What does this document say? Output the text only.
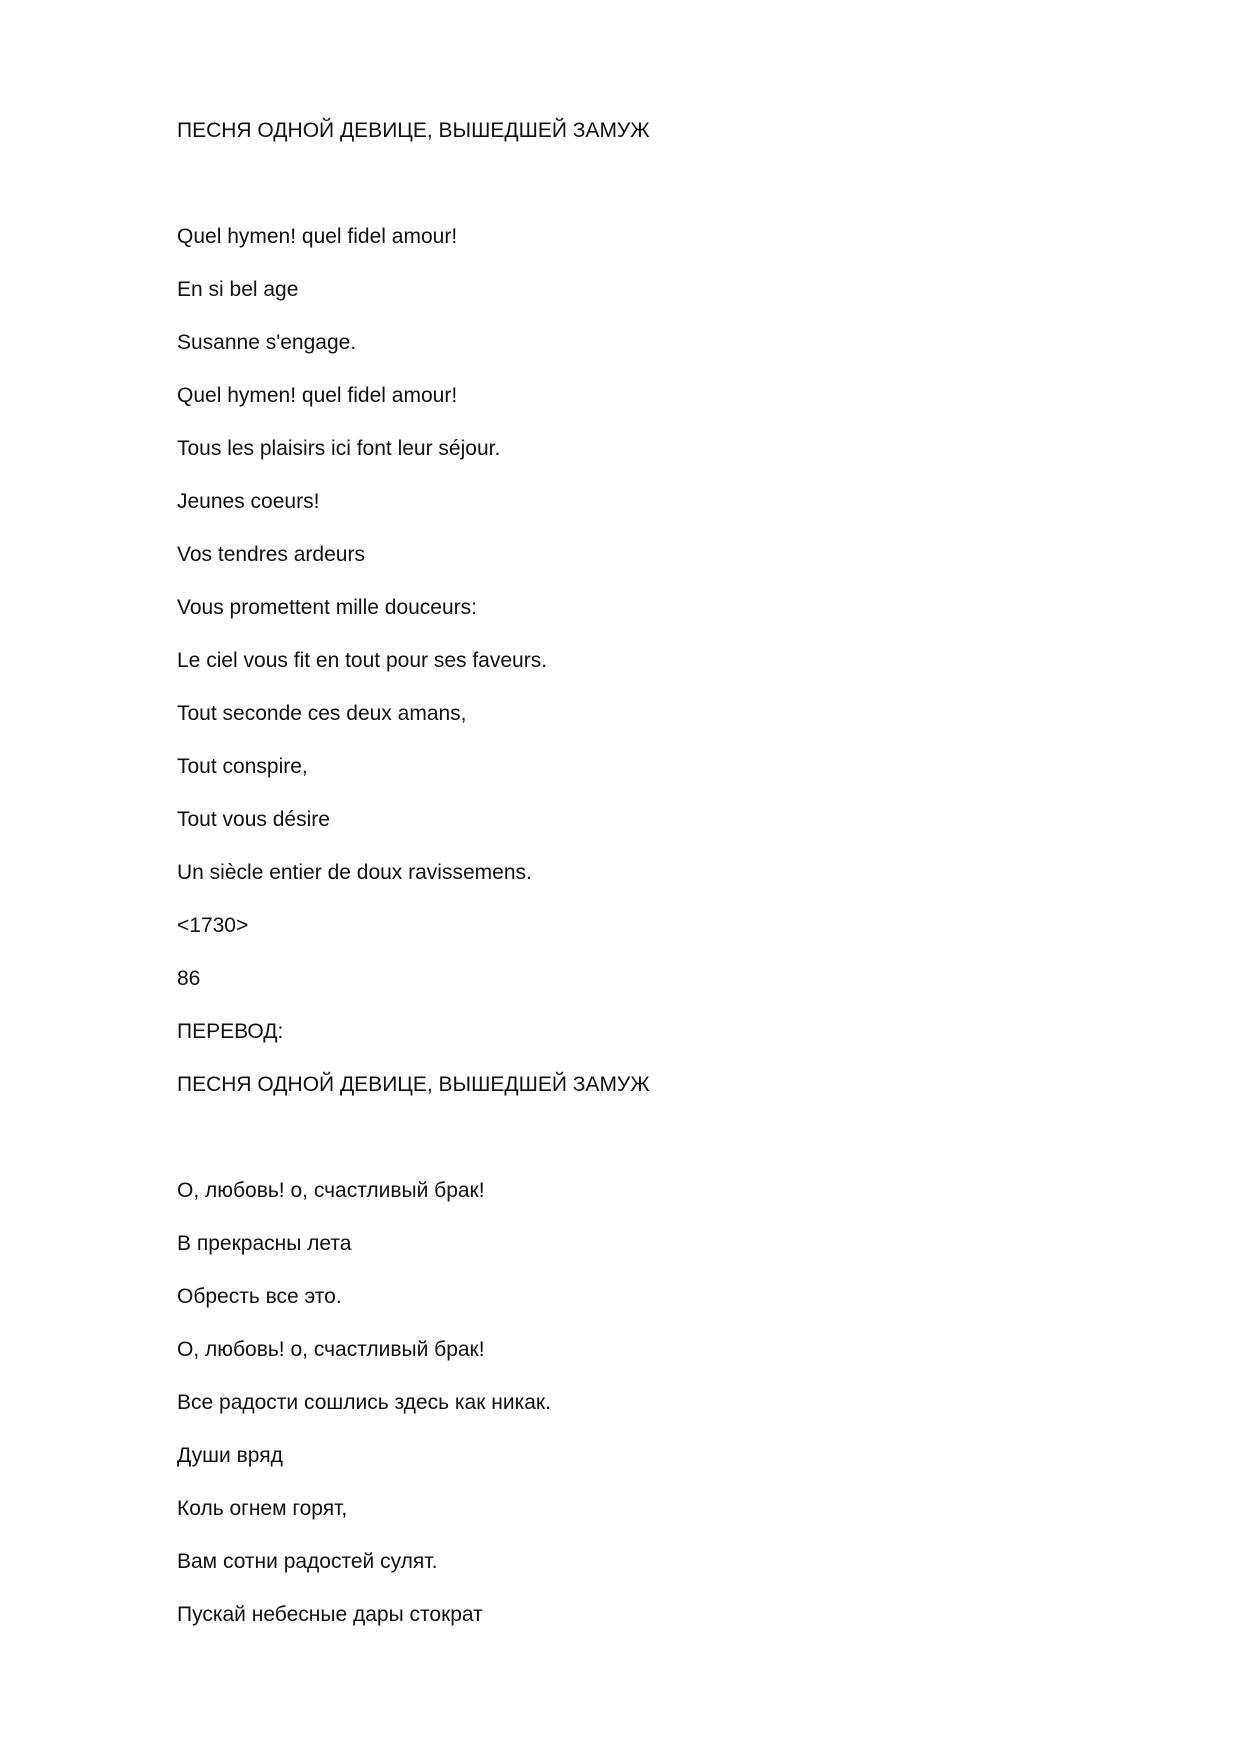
ПЕСНЯ ОДНОЙ ДЕВИЦЕ, ВЫШЕДШЕЙ ЗАМУЖ
Quel hymen! quel fidel amour!
En si bel age
Susanne s'engage.
Quel hymen! quel fidel amour!
Tous les plaisirs ici font leur séjour.
Jeunes coeurs!
Vos tendres ardeurs
Vous promettent mille douceurs:
Le ciel vous fit en tout pour ses faveurs.
Tout seconde ces deux amans,
Tout conspire,
Tout vous désire
Un siècle entier de doux ravissemens.
<1730>
86
ПЕРЕВОД:
ПЕСНЯ ОДНОЙ ДЕВИЦЕ, ВЫШЕДШЕЙ ЗАМУЖ
О, любовь! о, счастливый брак!
В прекрасны лета
Обресть все это.
О, любовь! о, счастливый брак!
Все радости сошлись здесь как никак.
Души вряд
Коль огнем горят,
Вам сотни радостей сулят.
Пускай небесные дары стократ
